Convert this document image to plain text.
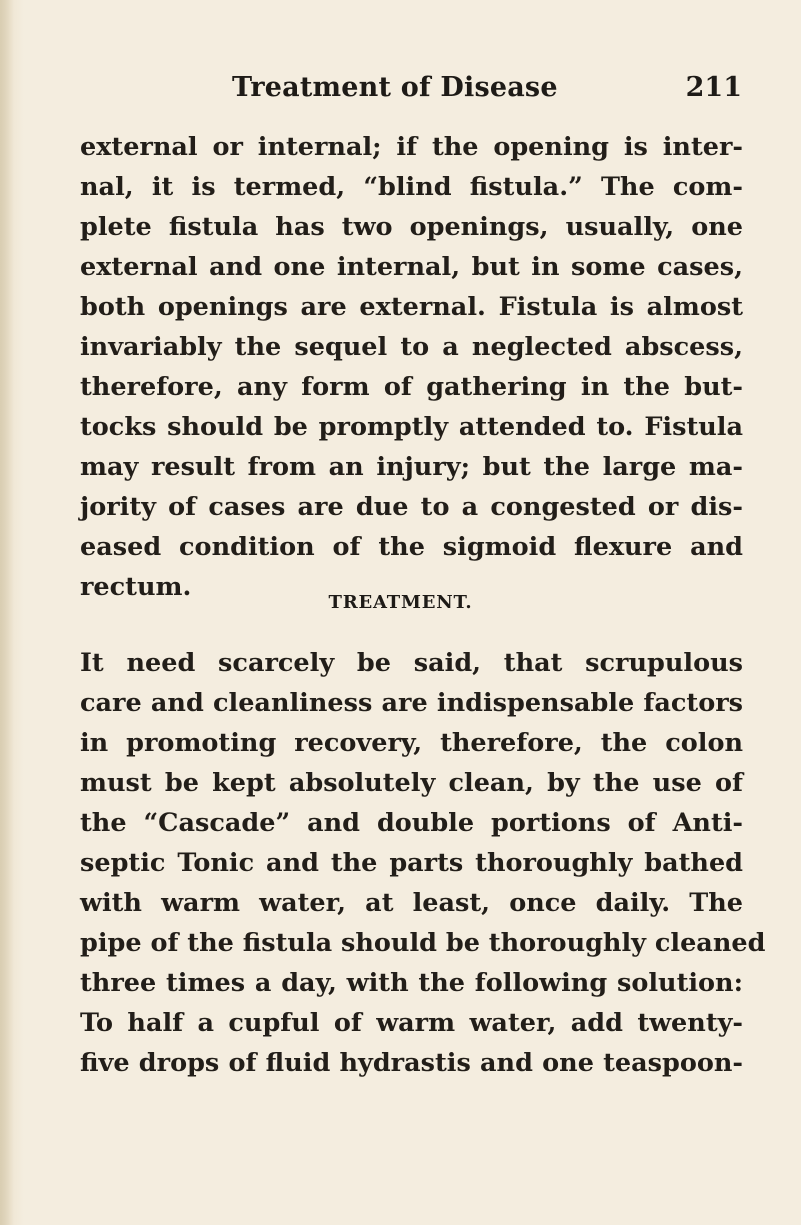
Treatment of Disease	211
external or internal; if the opening is inter-
nal, it is termed, “blind fistula.” The com-
plete fistula has two openings, usually, one
external and one internal, but in some cases,
both openings are external. Fistula is almost
invariably the sequel to a neglected abscess,
therefore, any form of gathering in the but-
tocks should be promptly attended to. Fistula
may result from an injury; but the large ma-
jority of cases are due to a congested or dis-
eased condition of the sigmoid flexure and
rectum.
TREATMENT.
It need scarcely be said, that scrupulous
care and cleanliness are indispensable factors
in promoting recovery, therefore, the colon
must be kept absolutely clean, by the use of
the “Cascade” and double portions of Anti-
septic Tonic and the parts thoroughly bathed
with warm water, at least, once daily. The
pipe of the fistula should be thoroughly cleaned
three times a day, with the following solution:
To half a cupful of warm water, add twenty-
five drops of fluid hydrastis and one teaspoon-
